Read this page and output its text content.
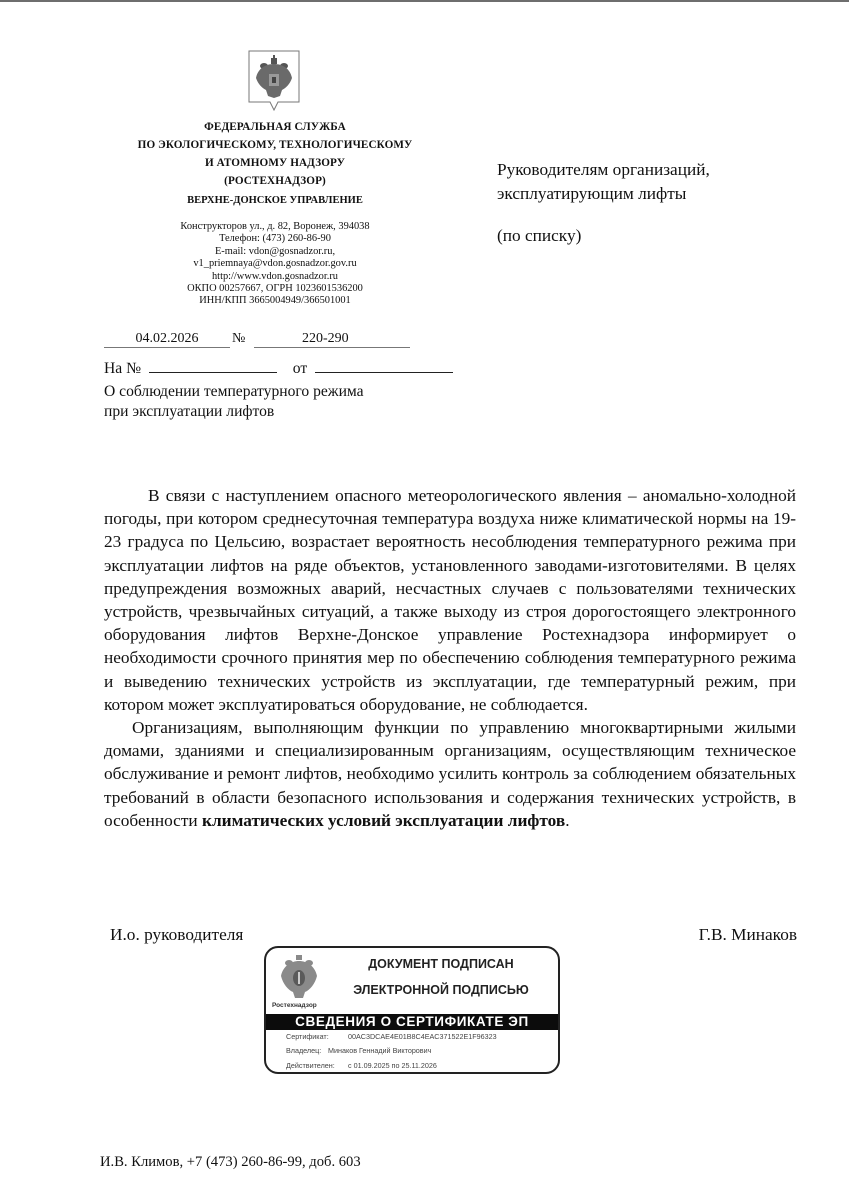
ФЕДЕРАЛЬНАЯ СЛУЖБА
ПО ЭКОЛОГИЧЕСКОМУ, ТЕХНОЛОГИЧЕСКОМУ
И АТОМНОМУ НАДЗОРУ
(РОСТЕХНАДЗОР)
ВЕРХНЕ-ДОНСКОЕ УПРАВЛЕНИЕ
Конструкторов ул., д. 82, Воронеж, 394038
Телефон: (473) 260-86-90
E-mail: vdon@gosnadzor.ru,
v1_priemnaya@vdon.gosnadzor.gov.ru
http://www.vdon.gosnadzor.ru
ОКПО 00257667, ОГРН 1023601536200
ИНН/КПП 3665004949/366501001
04.02.2026	№	220-290
На №	от
О соблюдении температурного режима
при эксплуатации лифтов
Руководителям организаций,
эксплуатирующим лифты
(по списку)

В связи с наступлением опасного метеорологического явления – аномально-холодной погоды, при котором среднесуточная температура воздуха ниже климатической нормы на 19-23 градуса по Цельсию, возрастает вероятность несоблюдения температурного режима при эксплуатации лифтов на ряде объектов, установленного заводами-изготовителями. В целях предупреждения возможных аварий, несчастных случаев с пользователями технических устройств, чрезвычайных ситуаций, а также выходу из строя дорогостоящего электронного оборудования лифтов Верхне-Донское управление Ростехнадзора информирует о необходимости срочного принятия мер по обеспечению соблюдения температурного режима и выведению технических устройств из эксплуатации, где температурный режим, при котором может эксплуатироваться оборудование, не соблюдается.

Организациям, выполняющим функции по управлению многоквартирными жилыми домами, зданиями и специализированным организациям, осуществляющим техническое обслуживание и ремонт лифтов, необходимо усилить контроль за соблюдением обязательных требований в области безопасного использования и содержания технических устройств, в особенности климатических условий эксплуатации лифтов.

И.о. руководителя	Г.В. Минаков
Ростехнадзор
ДОКУМЕНТ ПОДПИСАН
ЭЛЕКТРОННОЙ ПОДПИСЬЮ
СВЕДЕНИЯ О СЕРТИФИКАТЕ ЭП
Сертификат:	00AC3DCAE4E01B8C4EAC371522E1F96323
Владелец: Минаков Геннадий Викторович
Действителен: с 01.09.2025 по 25.11.2026
И.В. Климов, +7 (473) 260-86-99, доб. 603
